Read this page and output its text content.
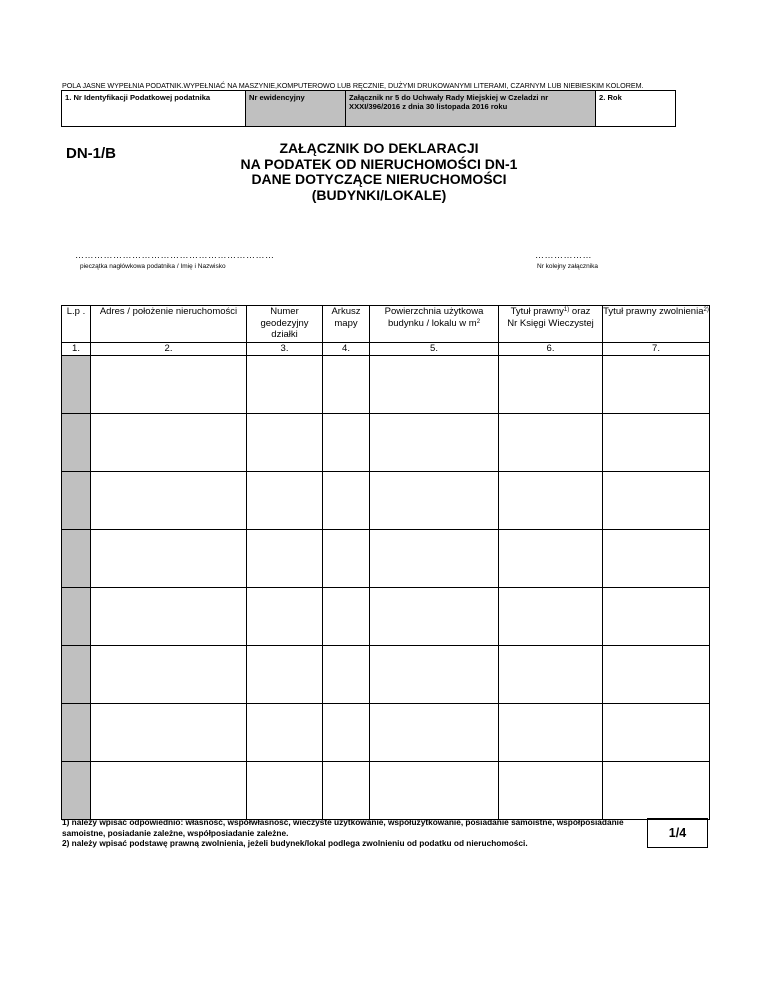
POLA JASNE WYPEŁNIA PODATNIK.WYPEŁNIAĆ NA MASZYNIE,KOMPUTEROWO LUB RĘCZNIE, DUŻYMI DRUKOWANYMI LITERAMI, CZARNYM LUB NIEBIESKIM KOLOREM.
1. Nr Identyfikacji Podatkowej podatnika	Nr ewidencyjny	Załącznik nr 5 do Uchwały Rady Miejskiej w Czeladzi nr XXXI/396/2016 z dnia 30 listopada 2016 roku
2. Rok
DN-1/B	ZAŁĄCZNIK DO DEKLARACJI
NA PODATEK OD NIERUCHOMOŚCI DN-1
DANE DOTYCZĄCE NIERUCHOMOŚCI
(BUDYNKI/LOKALE)
………………………………………………………
pieczątka nagłówkowa podatnika / Imię i Nazwisko
………………
Nr kolejny załącznika
L.p .	Adres / położenie nieruchomości	Numer geodezyjny działki	Arkusz mapy	Powierzchnia użytkowa budynku / lokalu w $m^2$	Tytuł prawny$^{1)}$ oraz
Nr Księgi Wieczystej	Tytuł prawny zwolnienia$^{2)}$
1.	2.	3.	4.	5.	6.	7.

1) należy wpisać odpowiednio: własność, współwłasność, wieczyste użytkowanie, współużytkowanie, posiadanie samoistne, współposiadanie samoistne, posiadanie zależne, współposiadanie zależne.
2) należy wpisać podstawę prawną zwolnienia, jeżeli budynek/lokal podlega zwolnieniu od podatku od nieruchomości.
1/4
